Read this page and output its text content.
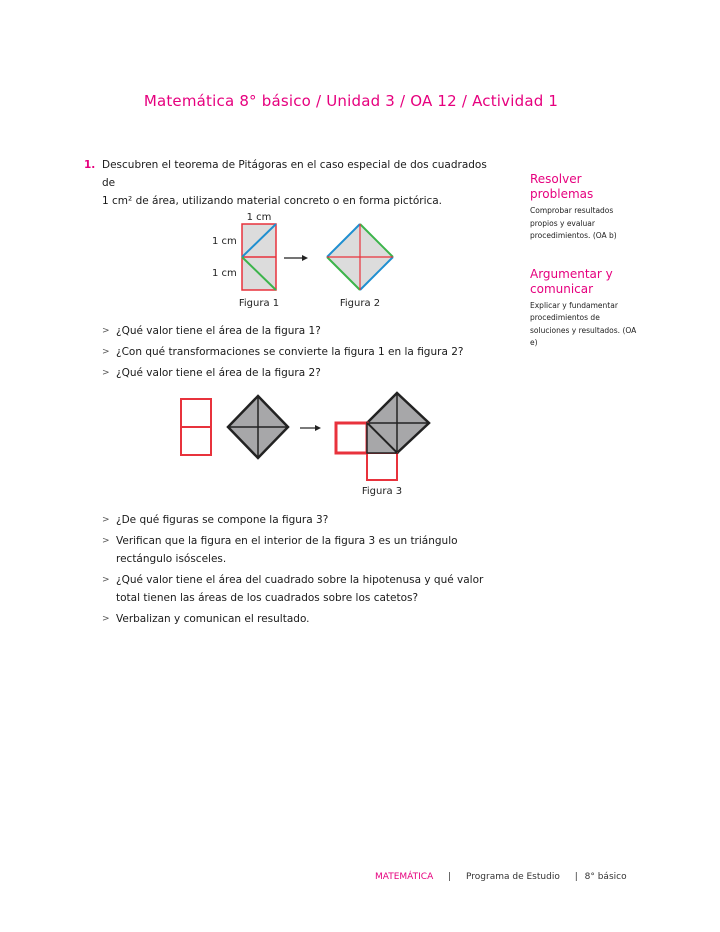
Matemática 8° básico / Unidad 3 / OA 12 / Actividad 1
1. Descubren el teorema de Pitágoras en el caso especial de dos cuadrados de
1 cm² de área, utilizando material concreto o en forma pictórica.
1 cm
1 cm
1 cm
Figura 1	Figura 2
> ¿Qué valor tiene el área de la figura 1?
> ¿Con qué transformaciones se convierte la figura 1 en la figura 2?
> ¿Qué valor tiene el área de la figura 2?
Figura 3
> ¿De qué figuras se compone la figura 3?
> Verifican que la figura en el interior de la figura 3 es un triángulo rectángulo isósceles.
> ¿Qué valor tiene el área del cuadrado sobre la hipotenusa y qué valor total tienen las áreas de los cuadrados sobre los catetos?
> Verbalizan y comunican el resultado.
Resolver problemas
Comprobar resultados propios y evaluar procedimientos. (OA b)
Argumentar y comunicar
Explicar y fundamentar procedimientos de soluciones y resultados. (OA e)
MATEMÁTICA | Programa de Estudio | 8° básico
